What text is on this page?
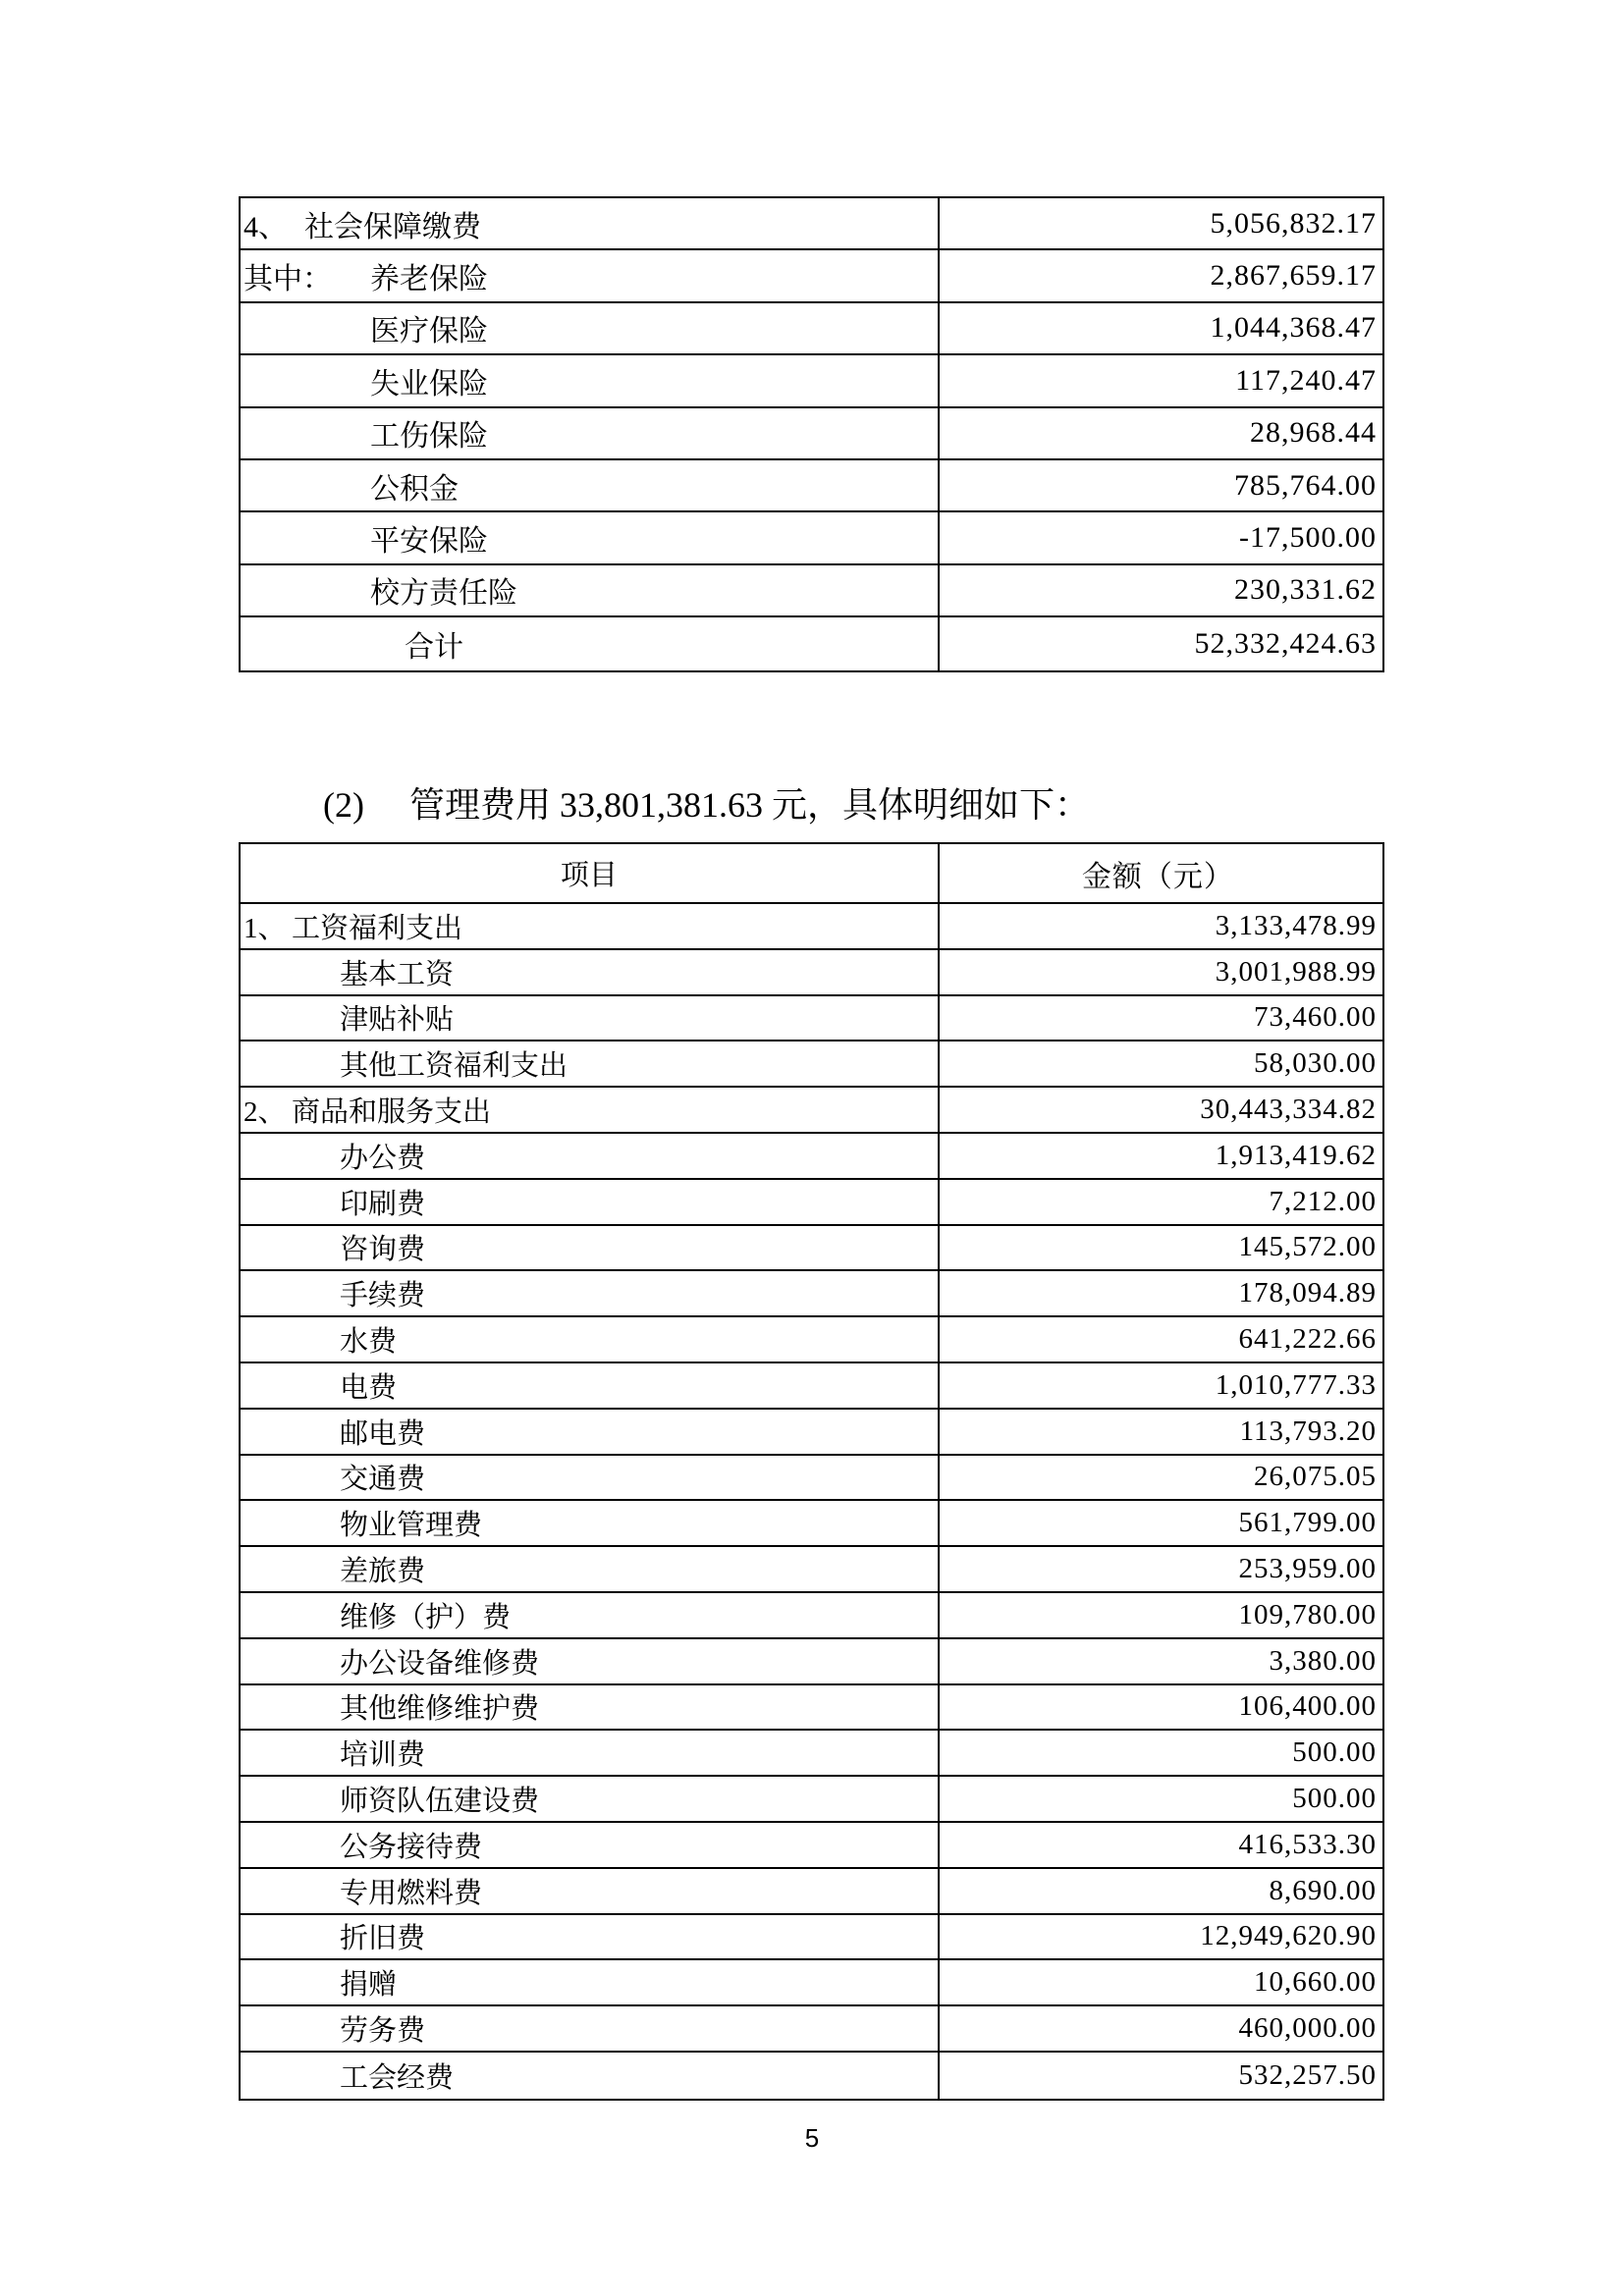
4、 社会保障缴费	5,056,832.17
其中： 养老保险	2,867,659.17
医疗保险	1,044,368.47
失业保险	117,240.47
工伤保险	28,968.44
公积金	785,764.00
平安保险	-17,500.00
校方责任险	230,331.62
合计	52,332,424.63
(2) 管理费用 33,801,381.63 元，具体明细如下：
项目	金额（元）
1、 工资福利支出	3,133,478.99
基本工资	3,001,988.99
津贴补贴	73,460.00
其他工资福利支出	58,030.00
2、 商品和服务支出	30,443,334.82
办公费	1,913,419.62
印刷费	7,212.00
咨询费	145,572.00
手续费	178,094.89
水费	641,222.66
电费	1,010,777.33
邮电费	113,793.20
交通费	26,075.05
物业管理费	561,799.00
差旅费	253,959.00
维修（护）费	109,780.00
办公设备维修费	3,380.00
其他维修维护费	106,400.00
培训费	500.00
师资队伍建设费	500.00
公务接待费	416,533.30
专用燃料费	8,690.00
折旧费	12,949,620.90
捐赠	10,660.00
劳务费	460,000.00
工会经费	532,257.50
5
